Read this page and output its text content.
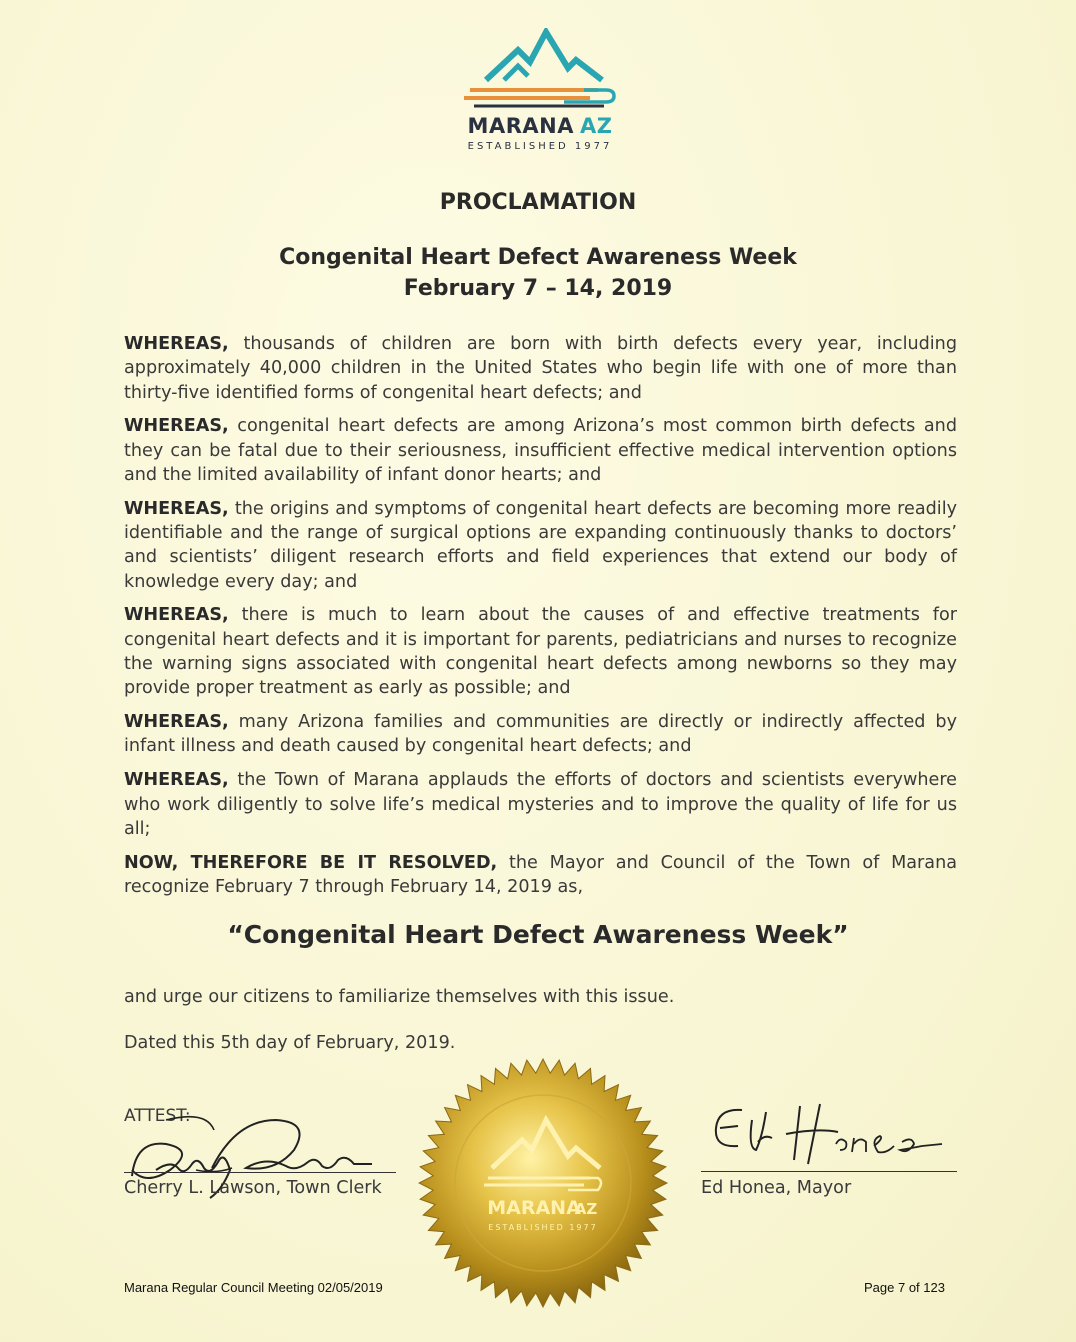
MARANA AZ
ESTABLISHED 1977
PROCLAMATION
Congenital Heart Defect Awareness Week
February 7 – 14, 2019

WHEREAS, thousands of children are born with birth defects every year, including approximately 40,000 children in the United States who begin life with one of more than thirty-five identified forms of congenital heart defects; and

WHEREAS, congenital heart defects are among Arizona’s most common birth defects and they can be fatal due to their seriousness, insufficient effective medical intervention options and the limited availability of infant donor hearts; and

WHEREAS, the origins and symptoms of congenital heart defects are becoming more readily identifiable and the range of surgical options are expanding continuously thanks to doctors’ and scientists’ diligent research efforts and field experiences that extend our body of knowledge every day; and

WHEREAS, there is much to learn about the causes of and effective treatments for congenital heart defects and it is important for parents, pediatricians and nurses to recognize the warning signs associated with congenital heart defects among newborns so they may provide proper treatment as early as possible; and

WHEREAS, many Arizona families and communities are directly or indirectly affected by infant illness and death caused by congenital heart defects; and

WHEREAS, the Town of Marana applauds the efforts of doctors and scientists everywhere who work diligently to solve life’s medical mysteries and to improve the quality of life for us all;

NOW, THEREFORE BE IT RESOLVED, the Mayor and Council of the Town of Marana recognize February 7 through February 14, 2019 as,

“Congenital Heart Defect Awareness Week”
and urge our citizens to familiarize themselves with this issue.
Dated this 5th day of February, 2019.
ATTEST:
Cherry L. Lawson, Town Clerk	Ed Honea, Mayor
MARANA
AZ
ESTABLISHED 1977
Marana Regular Council Meeting 02/05/2019	Page 7 of 123
